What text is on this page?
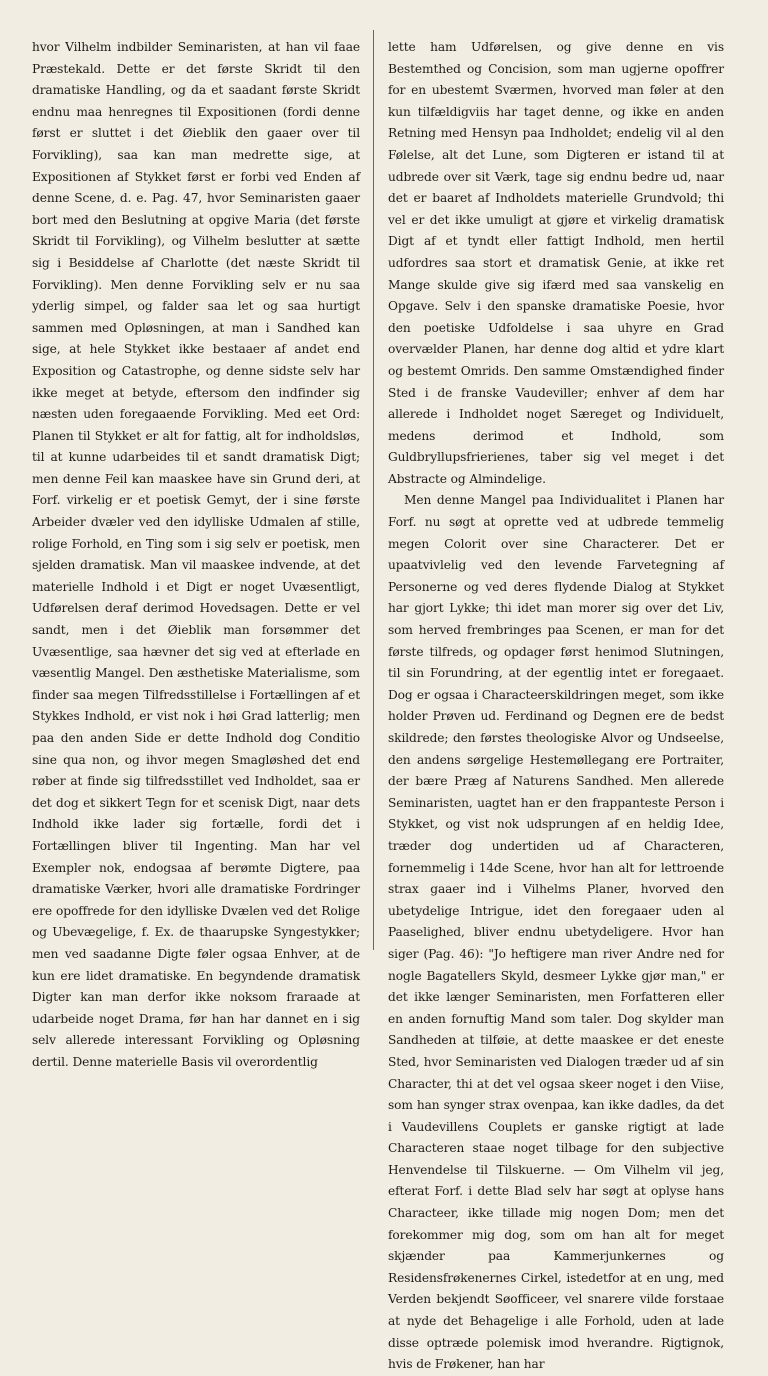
hvor Vilhelm indbilder Seminaristen, at han vil faae Præstekald. Dette er det første Skridt til den dramatiske Handling, og da et saadant første Skridt endnu maa henregnes til Expositionen (fordi denne først er sluttet i det Øieblik den gaaer over til Forvikling), saa kan man medrette sige, at Expositionen af Stykket først er forbi ved Enden af denne Scene, d. e. Pag. 47, hvor Seminaristen gaaer bort med den Beslutning at opgive Maria (det første Skridt til Forvikling), og Vilhelm beslutter at sætte sig i Besiddelse af Charlotte (det næste Skridt til Forvikling). Men denne Forvikling selv er nu saa yderlig simpel, og falder saa let og saa hurtigt sammen med Opløsningen, at man i Sandhed kan sige, at hele Stykket ikke bestaaer af andet end Exposition og Catastrophe, og denne sidste selv har ikke meget at betyde, eftersom den indfinder sig næsten uden foregaaende Forvikling. Med eet Ord: Planen til Stykket er alt for fattig, alt for indholdsløs, til at kunne udarbeides til et sandt dramatisk Digt; men denne Feil kan maaskee have sin Grund deri, at Forf. virkelig er et poetisk Gemyt, der i sine første Arbeider dvæler ved den idylliske Udmalen af stille, rolige Forhold, en Ting som i sig selv er poetisk, men sjelden dramatisk. Man vil maaskee indvende, at det materielle Indhold i et Digt er noget Uvæsentligt, Udførelsen deraf derimod Hovedsagen. Dette er vel sandt, men i det Øieblik man forsømmer det Uvæsentlige, saa hævner det sig ved at efterlade en væsentlig Mangel. Den æsthetiske Materialisme, som finder saa megen Tilfredsstillelse i Fortællingen af et Stykkes Indhold, er vist nok i høi Grad latterlig; men paa den anden Side er dette Indhold dog Conditio sine qua non, og ihvor megen Smagløshed det end røber at finde sig tilfredsstillet ved Indholdet, saa er det dog et sikkert Tegn for et scenisk Digt, naar dets Indhold ikke lader sig fortælle, fordi det i Fortællingen bliver til Ingenting. Man har vel Exempler nok, endogsaa af berømte Digtere, paa dramatiske Værker, hvori alle dramatiske Fordringer ere opoffrede for den idylliske Dvælen ved det Rolige og Ubevægelige, f. Ex. de thaarupske Syngestykker; men ved saadanne Digte føler ogsaa Enhver, at de kun ere lidet dramatiske. En begyndende dramatisk Digter kan man derfor ikke noksom fraraade at udarbeide noget Drama, før han har dannet en i sig selv allerede interessant Forvikling og Opløsning dertil. Denne materielle Basis vil overordentlig

lette ham Udførelsen, og give denne en vis Bestemthed og Concision, som man ugjerne opoffrer for en ubestemt Sværmen, hvorved man føler at den kun tilfældigviis har taget denne, og ikke en anden Retning med Hensyn paa Indholdet; endelig vil al den Følelse, alt det Lune, som Digteren er istand til at udbrede over sit Værk, tage sig endnu bedre ud, naar det er baaret af Indholdets materielle Grundvold; thi vel er det ikke umuligt at gjøre et virkelig dramatisk Digt af et tyndt eller fattigt Indhold, men hertil udfordres saa stort et dramatisk Genie, at ikke ret Mange skulde give sig ifærd med saa vanskelig en Opgave. Selv i den spanske dramatiske Poesie, hvor den poetiske Udfoldelse i saa uhyre en Grad overvælder Planen, har denne dog altid et ydre klart og bestemt Omrids. Den samme Omstændighed finder Sted i de franske Vaudeviller; enhver af dem har allerede i Indholdet noget Særeget og Individuelt, medens derimod et Indhold, som Guldbryllupsfrierienes, taber sig vel meget i det Abstracte og Almindelige.

Men denne Mangel paa Individualitet i Planen har Forf. nu søgt at oprette ved at udbrede temmelig megen Colorit over sine Characterer. Det er upaatvivlelig ved den levende Farvetegning af Personerne og ved deres flydende Dialog at Stykket har gjort Lykke; thi idet man morer sig over det Liv, som herved frembringes paa Scenen, er man for det første tilfreds, og opdager først henimod Slutningen, til sin Forundring, at der egentlig intet er foregaaet. Dog er ogsaa i Characteerskildringen meget, som ikke holder Prøven ud. Ferdinand og Degnen ere de bedst skildrede; den førstes theologiske Alvor og Undseelse, den andens sørgelige Hestemøllegang ere Portraiter, der bære Præg af Naturens Sandhed. Men allerede Seminaristen, uagtet han er den frappanteste Person i Stykket, og vist nok udsprungen af en heldig Idee, træder dog undertiden ud af Characteren, fornemmelig i 14de Scene, hvor han alt for lettroende strax gaaer ind i Vilhelms Planer, hvorved den ubetydelige Intrigue, idet den foregaaer uden al Paaselighed, bliver endnu ubetydeligere. Hvor han siger (Pag. 46): "Jo heftigere man river Andre ned for nogle Bagatellers Skyld, desmeer Lykke gjør man," er det ikke længer Seminaristen, men Forfatteren eller en anden fornuftig Mand som taler. Dog skylder man Sandheden at tilføie, at dette maaskee er det eneste Sted, hvor Seminaristen ved Dialogen træder ud af sin Character, thi at det vel ogsaa skeer noget i den Viise, som han synger strax ovenpaa, kan ikke dadles, da det i Vaudevillens Couplets er ganske rigtigt at lade Characteren staae noget tilbage for den subjective Henvendelse til Tilskuerne. — Om Vilhelm vil jeg, efterat Forf. i dette Blad selv har søgt at oplyse hans Characteer, ikke tillade mig nogen Dom; men det forekommer mig dog, som om han alt for meget skjænder paa Kammerjunkernes og Residensfrøkenernes Cirkel, istedetfor at en ung, med Verden bekjendt Søofficeer, vel snarere vilde forstaae at nyde det Behagelige i alle Forhold, uden at lade disse optræde polemisk imod hverandre. Rigtignok, hvis de Frøkener, han har
